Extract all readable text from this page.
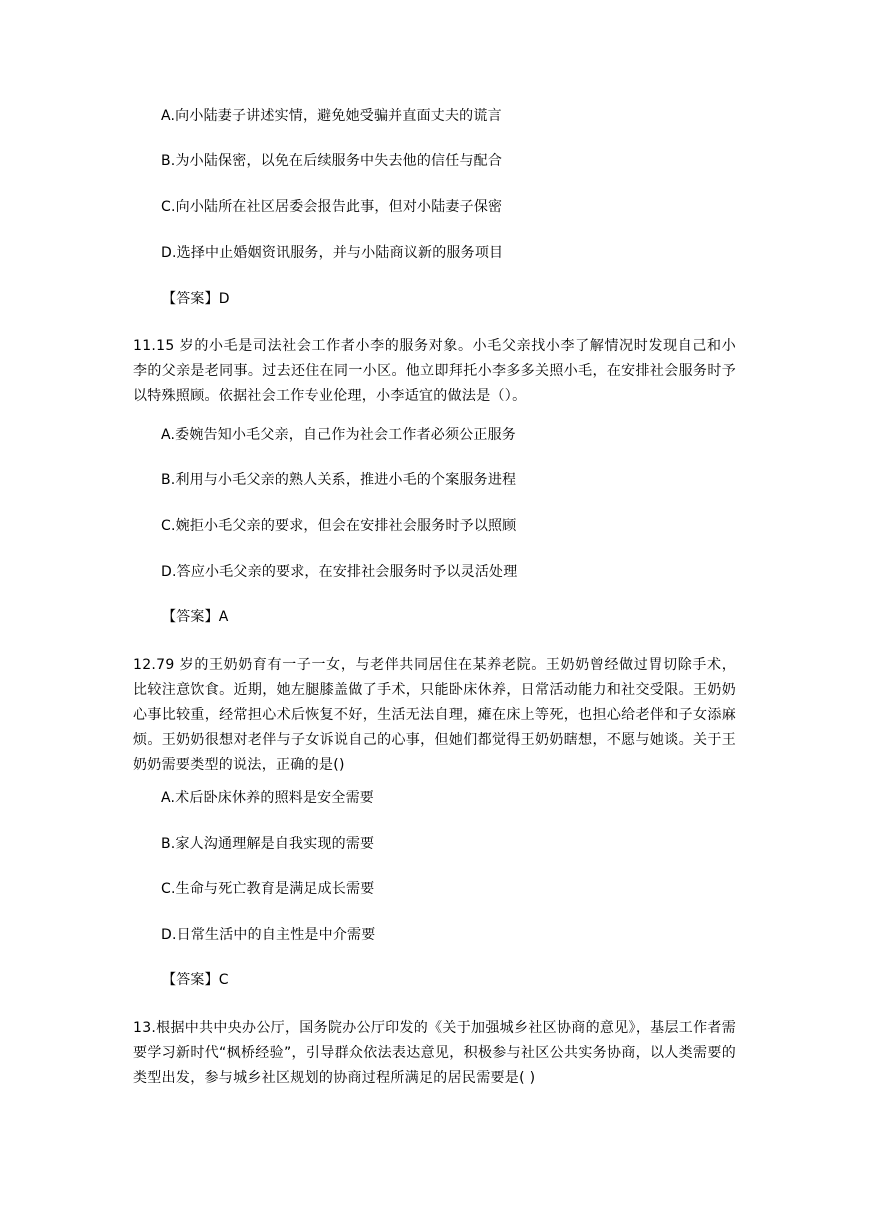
A.向小陆妻子讲述实情，避免她受骗并直面丈夫的谎言
B.为小陆保密，以免在后续服务中失去他的信任与配合
C.向小陆所在社区居委会报告此事，但对小陆妻子保密
D.选择中止婚姻资讯服务，并与小陆商议新的服务项目
【答案】D
11.15 岁的小毛是司法社会工作者小李的服务对象。小毛父亲找小李了解情况时发现自己和小李的父亲是老同事。过去还住在同一小区。他立即拜托小李多多关照小毛，在安排社会服务时予以特殊照顾。依据社会工作专业伦理，小李适宜的做法是（）。
A.委婉告知小毛父亲，自己作为社会工作者必须公正服务
B.利用与小毛父亲的熟人关系，推进小毛的个案服务进程
C.婉拒小毛父亲的要求，但会在安排社会服务时予以照顾
D.答应小毛父亲的要求，在安排社会服务时予以灵活处理
【答案】A
12.79 岁的王奶奶育有一子一女，与老伴共同居住在某养老院。王奶奶曾经做过胃切除手术，比较注意饮食。近期，她左腿膝盖做了手术，只能卧床休养，日常活动能力和社交受限。王奶奶心事比较重，经常担心术后恢复不好，生活无法自理，瘫在床上等死，也担心给老伴和子女添麻烦。王奶奶很想对老伴与子女诉说自己的心事，但她们都觉得王奶奶瞎想，不愿与她谈。关于王奶奶需要类型的说法，正确的是()
A.术后卧床休养的照料是安全需要
B.家人沟通理解是自我实现的需要
C.生命与死亡教育是满足成长需要
D.日常生活中的自主性是中介需要
【答案】C
13.根据中共中央办公厅，国务院办公厅印发的《关于加强城乡社区协商的意见》，基层工作者需要学习新时代“枫桥经验”，引导群众依法表达意见，积极参与社区公共实务协商，以人类需要的类型出发，参与城乡社区规划的协商过程所满足的居民需要是( )
